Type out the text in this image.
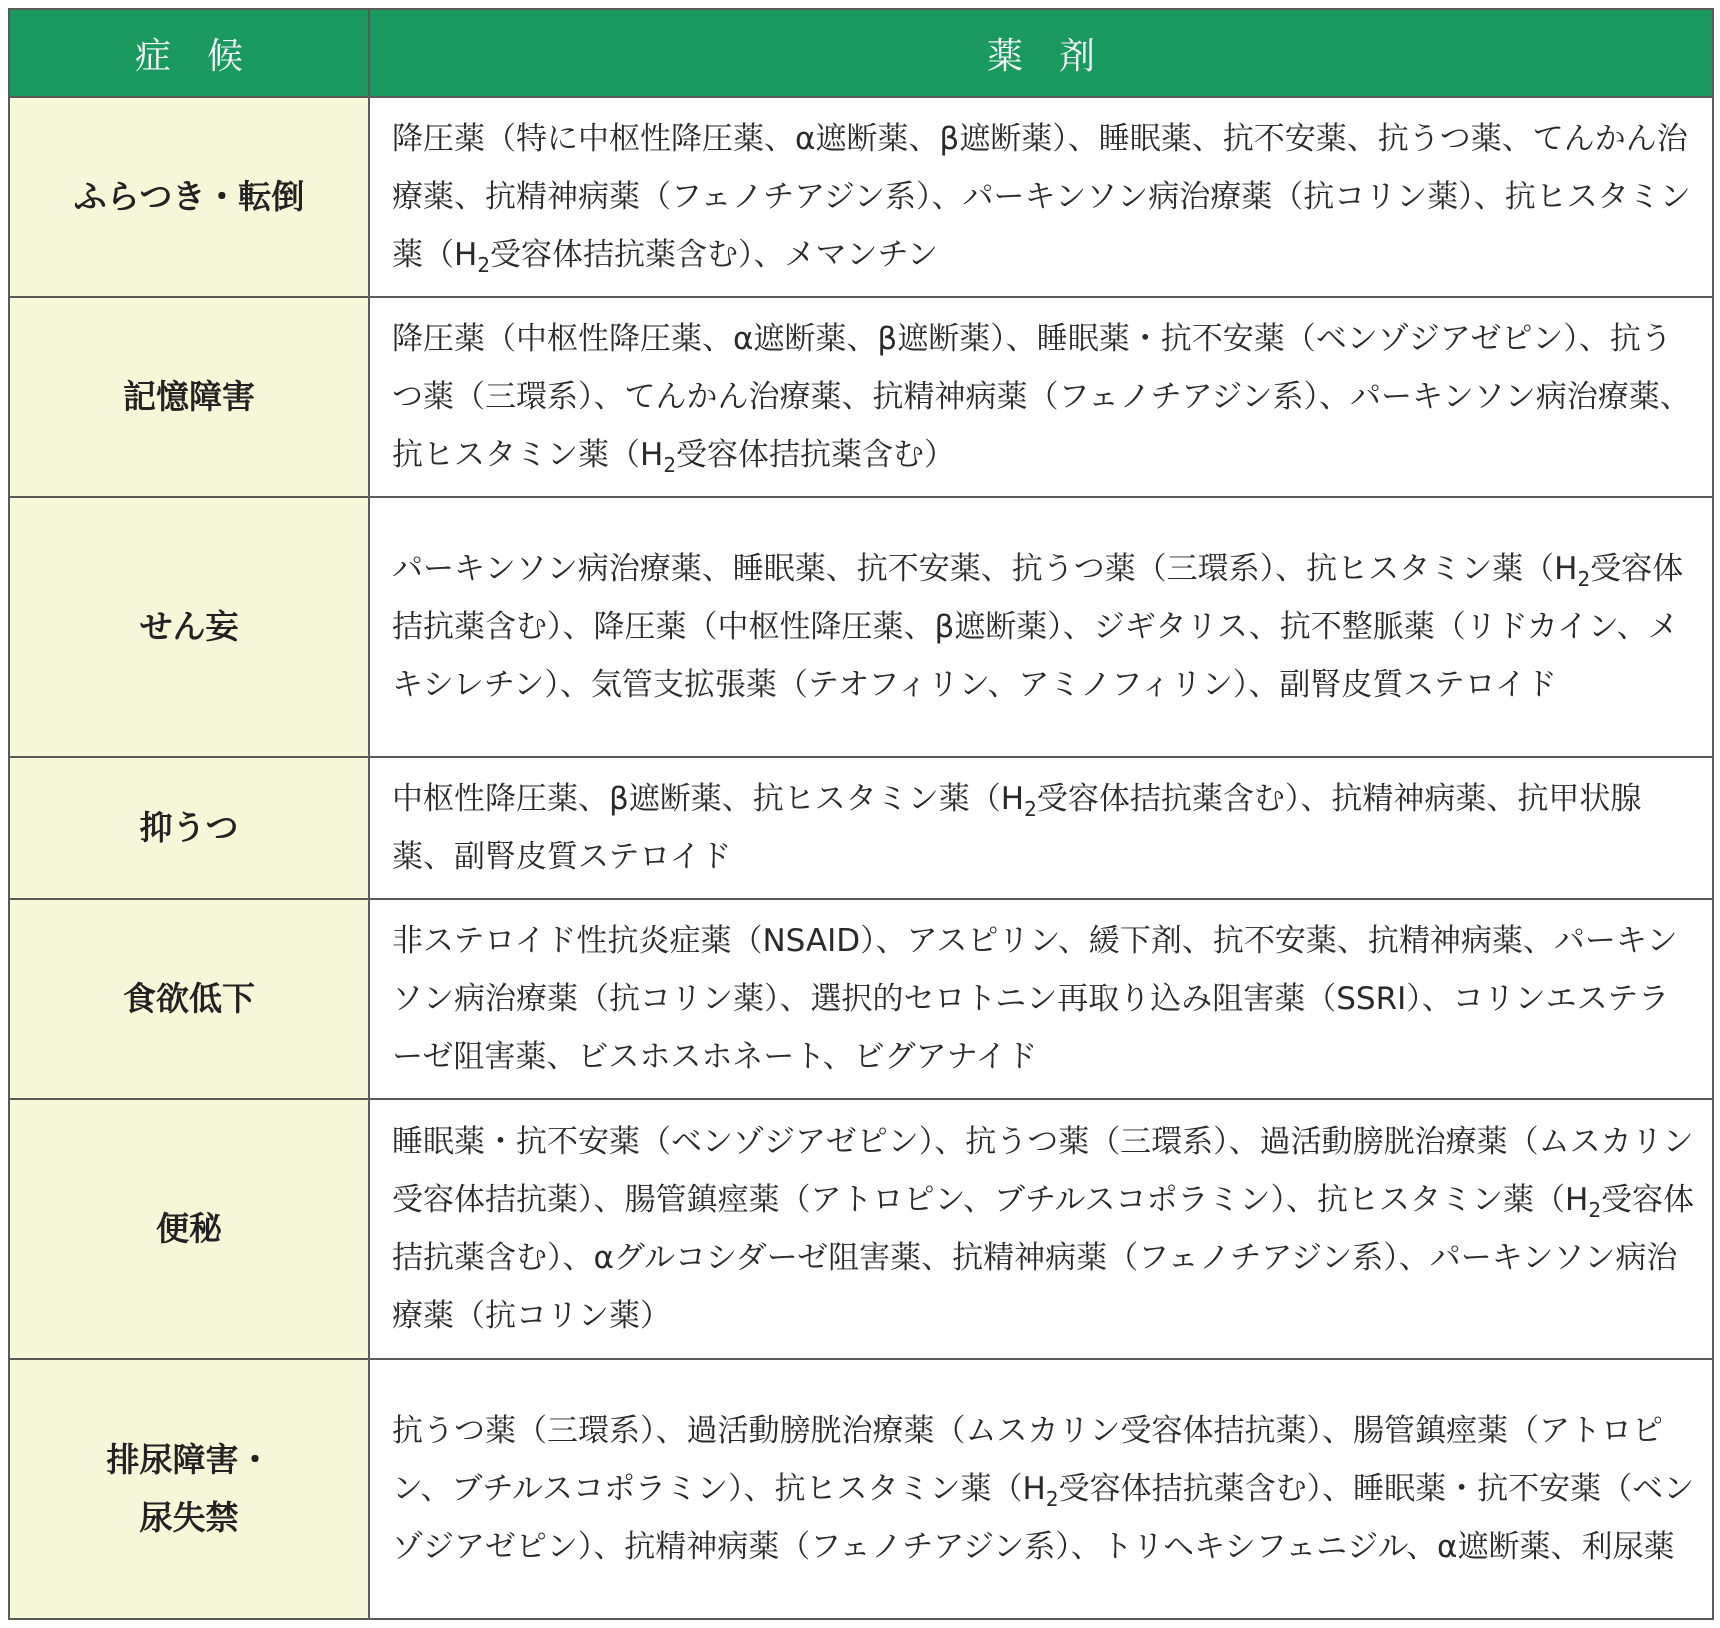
症候	薬剤

ふらつき・転倒	降圧薬（特に中枢性降圧薬、α遮断薬、β遮断薬）、睡眠薬、抗不安薬、抗うつ薬、てんかん治療薬、抗精神病薬（フェノチアジン系）、パーキンソン病治療薬（抗コリン薬）、抗ヒスタミン薬（$H_2$受容体拮抗薬含む）、メマンチン

記憶障害	降圧薬（中枢性降圧薬、α遮断薬、β遮断薬）、睡眠薬・抗不安薬（ベンゾジアゼピン）、抗うつ薬（三環系）、てんかん治療薬、抗精神病薬（フェノチアジン系）、パーキンソン病治療薬、抗ヒスタミン薬（$H_2$受容体拮抗薬含む）

せん妄	パーキンソン病治療薬、睡眠薬、抗不安薬、抗うつ薬（三環系）、抗ヒスタミン薬（$H_2$受容体拮抗薬含む）、降圧薬（中枢性降圧薬、β遮断薬）、ジギタリス、抗不整脈薬（リドカイン、メキシレチン）、気管支拡張薬（テオフィリン、アミノフィリン）、副腎皮質ステロイド

抑うつ	中枢性降圧薬、β遮断薬、抗ヒスタミン薬（$H_2$受容体拮抗薬含む）、抗精神病薬、抗甲状腺薬、副腎皮質ステロイド

食欲低下	非ステロイド性抗炎症薬（NSAID）、アスピリン、緩下剤、抗不安薬、抗精神病薬、パーキンソン病治療薬（抗コリン薬）、選択的セロトニン再取り込み阻害薬（SSRI）、コリンエステラーゼ阻害薬、ビスホスホネート、ビグアナイド

便秘	睡眠薬・抗不安薬（ベンゾジアゼピン）、抗うつ薬（三環系）、過活動膀胱治療薬（ムスカリン受容体拮抗薬）、腸管鎮痙薬（アトロピン、ブチルスコポラミン）、抗ヒスタミン薬（$H_2$受容体拮抗薬含む）、αグルコシダーゼ阻害薬、抗精神病薬（フェノチアジン系）、パーキンソン病治療薬（抗コリン薬）

排尿障害・
尿失禁	抗うつ薬（三環系）、過活動膀胱治療薬（ムスカリン受容体拮抗薬）、腸管鎮痙薬（アトロピン、ブチルスコポラミン）、抗ヒスタミン薬（$H_2$受容体拮抗薬含む）、睡眠薬・抗不安薬（ベンゾジアゼピン）、抗精神病薬（フェノチアジン系）、トリヘキシフェニジル、α遮断薬、利尿薬
